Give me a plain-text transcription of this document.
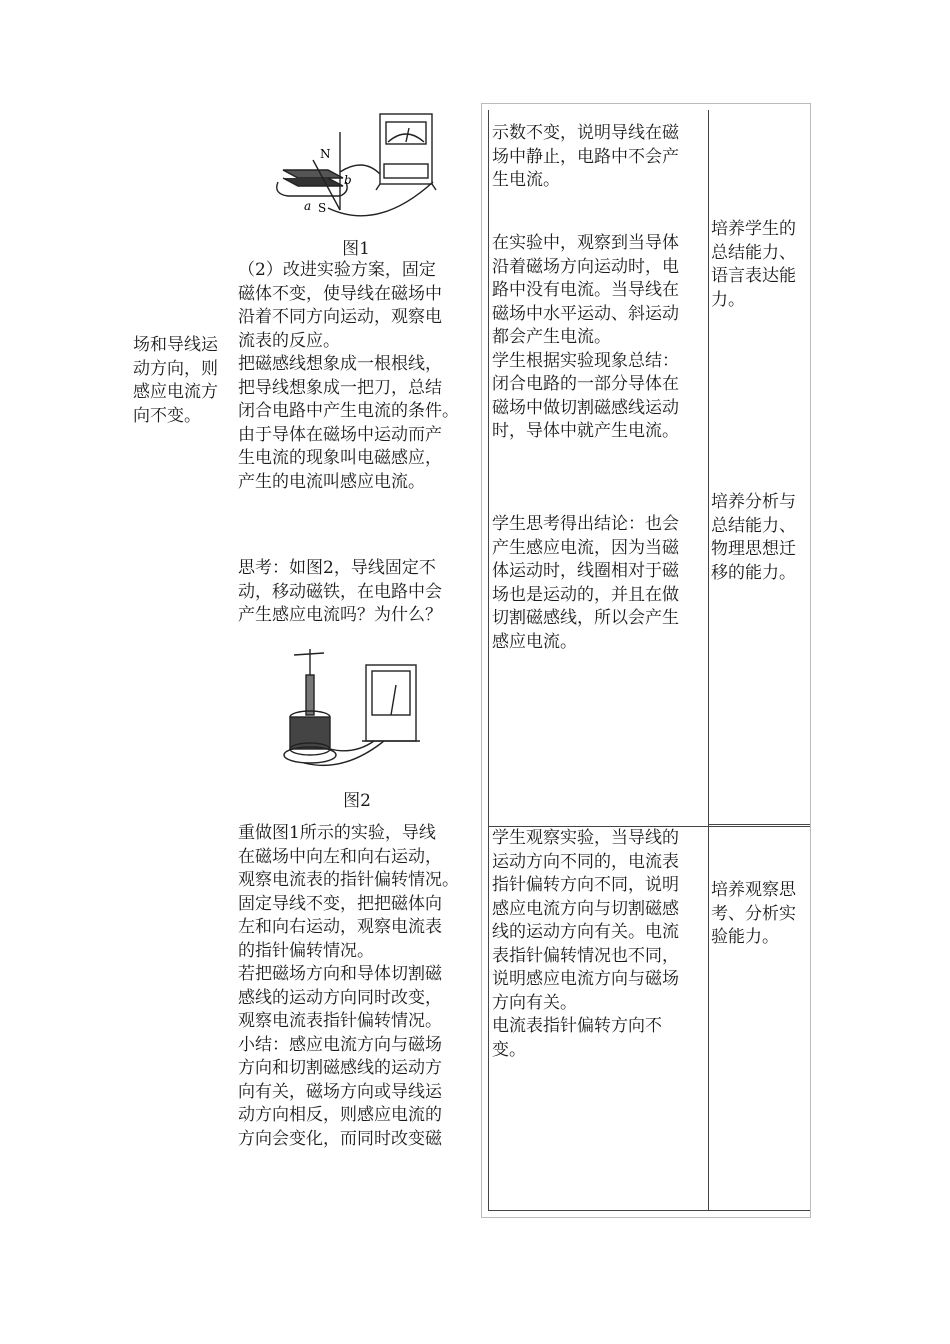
场和导线运
动方向，则
感应电流方
向不变。
N
S
a
b
图1
（2）改进实验方案，固定
磁体不变，使导线在磁场中
沿着不同方向运动，观察电
流表的反应。
把磁感线想象成一根根线，
把导线想象成一把刀，总结
闭合电路中产生电流的条件。
由于导体在磁场中运动而产
生电流的现象叫电磁感应，
产生的电流叫感应电流。
思考：如图2，导线固定不
动，移动磁铁，在电路中会
产生感应电流吗？为什么？
图2
重做图1所示的实验，导线
在磁场中向左和向右运动，
观察电流表的指针偏转情况。
固定导线不变，把把磁体向
左和向右运动，观察电流表
的指针偏转情况。
若把磁场方向和导体切割磁
感线的运动方向同时改变，
观察电流表指针偏转情况。
小结：感应电流方向与磁场
方向和切割磁感线的运动方
向有关，磁场方向或导线运
动方向相反，则感应电流的
方向会变化，而同时改变磁
示数不变，说明导线在磁
场中静止，电路中不会产
生电流。
在实验中，观察到当导体
沿着磁场方向运动时，电
路中没有电流。当导线在
磁场中水平运动、斜运动
都会产生电流。
学生根据实验现象总结：
闭合电路的一部分导体在
磁场中做切割磁感线运动
时，导体中就产生电流。
学生思考得出结论：也会
产生感应电流，因为当磁
体运动时，线圈相对于磁
场也是运动的，并且在做
切割磁感线，所以会产生
感应电流。
学生观察实验，当导线的
运动方向不同的，电流表
指针偏转方向不同，说明
感应电流方向与切割磁感
线的运动方向有关。电流
表指针偏转情况也不同，
说明感应电流方向与磁场
方向有关。
电流表指针偏转方向不
变。
培养学生的
总结能力、
语言表达能
力。
培养分析与
总结能力、
物理思想迁
移的能力。
培养观察思
考、分析实
验能力。
